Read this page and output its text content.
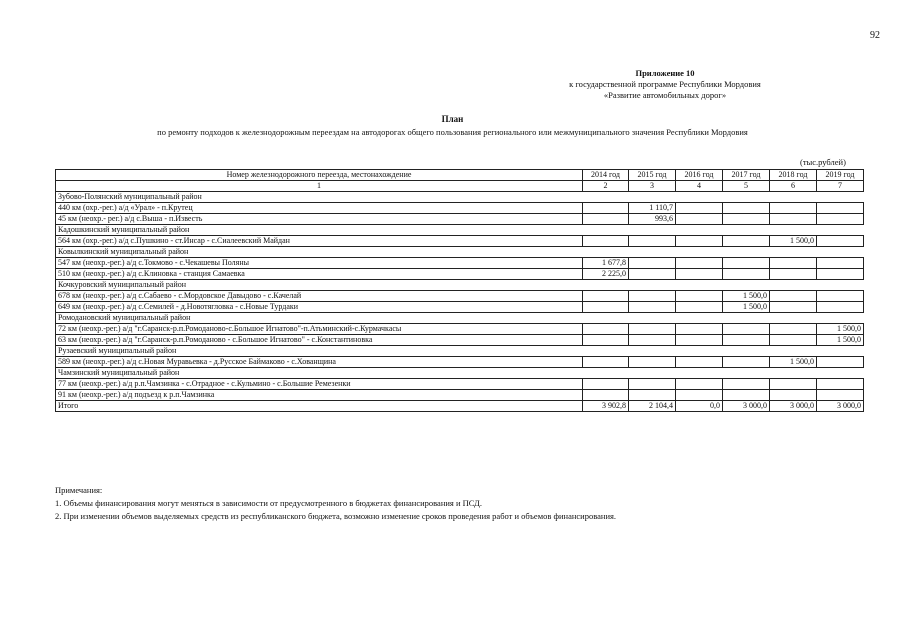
92
Приложение 10
к государственной программе Республики Мордовия
«Развитие автомобильных дорог»
План
по ремонту подходов к железнодорожным переездам на автодорогах общего пользования регионального или межмуниципального значения Республики Мордовия
(тыс.рублей)
Номер железнодорожного переезда, местонахождение	2014 год	2015 год	2016 год	2017 год	2018 год	2019 год
1	2	3	4	5	6	7
Зубово-Полянский муниципальный район						
440 км (охр.-рег.) а/д «Урал» - п.Крутец		1 110,7				
45 км (неохр.- рег.) а/д с.Выша - п.Известь		993,6				
Кадошкинский муниципальный район						
564 км (охр.-рег.) а/д с.Пушкино - ст.Инсар - с.Сиалеевский Майдан					1 500,0	
Ковылкинский муниципальный район						
547 км (неохр.-рег.) а/д с.Токмово - с.Чекашевы Поляны	1 677,8					
510 км (неохр.-рег.) а/д с.Клиновка - станция Самаевка	2 225,0					
Кочкуровский муниципальный район						
678 км (неохр.-рег.) а/д с.Сабаево - с.Мордовское Давыдово - с.Качелай				1 500,0		
649 км (неохр.-рег.) а/д с.Семилей - д.Новотягловка - с.Новые Турдаки				1 500,0		
Ромодановский муниципальный район						
72 км (неохр.-рег.) а/д "г.Саранск-р.п.Ромоданово-с.Большое Игнатово"-п.Атьминский-с.Курмачкасы						1 500,0
63 км (неохр.-рег.) а/д "г.Саранск-р.п.Ромоданово - с.Большое Игнатово" - с.Константиновка						1 500,0
Рузаевский муниципальный район						
589 км (неохр.-рег.) а/д с.Новая Муравьевка - д.Русское Баймаково - с.Хованщина					1 500,0	
Чамзинский муниципальный район						
77 км (неохр.-рег.) а/д р.п.Чамзинка - с.Отрадное - с.Кульмино - с.Большие Ремезенки						
91 км (неохр.-рег.) а/д подъезд к р.п.Чамзинка						
Итого	3 902,8	2 104,4	0,0	3 000,0	3 000,0	3 000,0
Примечания:
1. Объемы финансирования могут меняться в зависимости от предусмотренного в бюджетах финансирования и ПСД.
2. При изменении объемов выделяемых средств из республиканского бюджета, возможно изменение сроков проведения работ и объемов финансирования.
